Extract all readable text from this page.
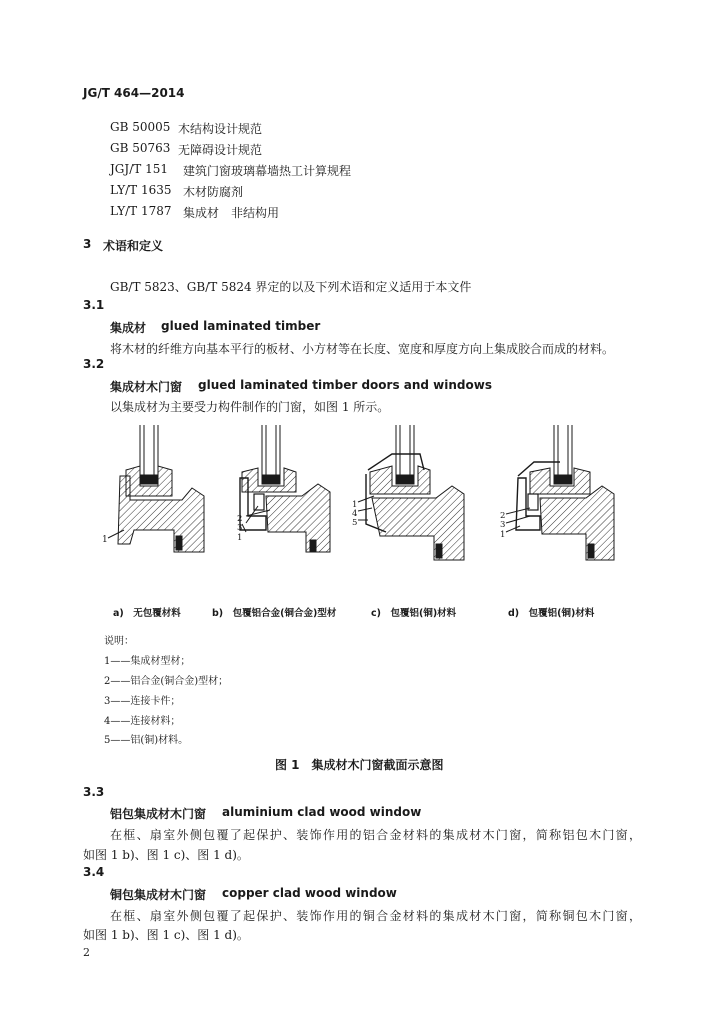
JG/T 464—2014
GB 50005 木结构设计规范
GB 50763 无障碍设计规范
JGJ/T 151 建筑门窗玻璃幕墙热工计算规程
LY/T 1635 木材防腐剂
LY/T 1787 集成材　非结构用
3 术语和定义
GB/T 5823、GB/T 5824 界定的以及下列术语和定义适用于本文件
3.1
集成材 glued laminated timber
将木材的纤维方向基本平行的板材、小方材等在长度、宽度和厚度方向上集成胶合而成的材料。
3.2
集成材木门窗 glued laminated timber doors and windows
以集成材为主要受力构件制作的门窗，如图 1 所示。
1
2
3
1
1
4
5
2
3
1
a)　无包覆材料	b)　包覆铝合金(铜合金)型材	c)　包覆铝(铜)材料	d)　包覆铝(铜)材料
说明：
1——集成材型材；
2——铝合金(铜合金)型材；
3——连接卡件；
4——连接材料；
5——铝(铜)材料。
图 1　集成材木门窗截面示意图
3.3
铝包集成材木门窗 aluminium clad wood window
在框、扇室外侧包覆了起保护、装饰作用的铝合金材料的集成材木门窗，简称铝包木门窗，
如图 1 b)、图 1 c)、图 1 d)。
3.4
铜包集成材木门窗 copper clad wood window
在框、扇室外侧包覆了起保护、装饰作用的铜合金材料的集成材木门窗，简称铜包木门窗，
如图 1 b)、图 1 c)、图 1 d)。
2
